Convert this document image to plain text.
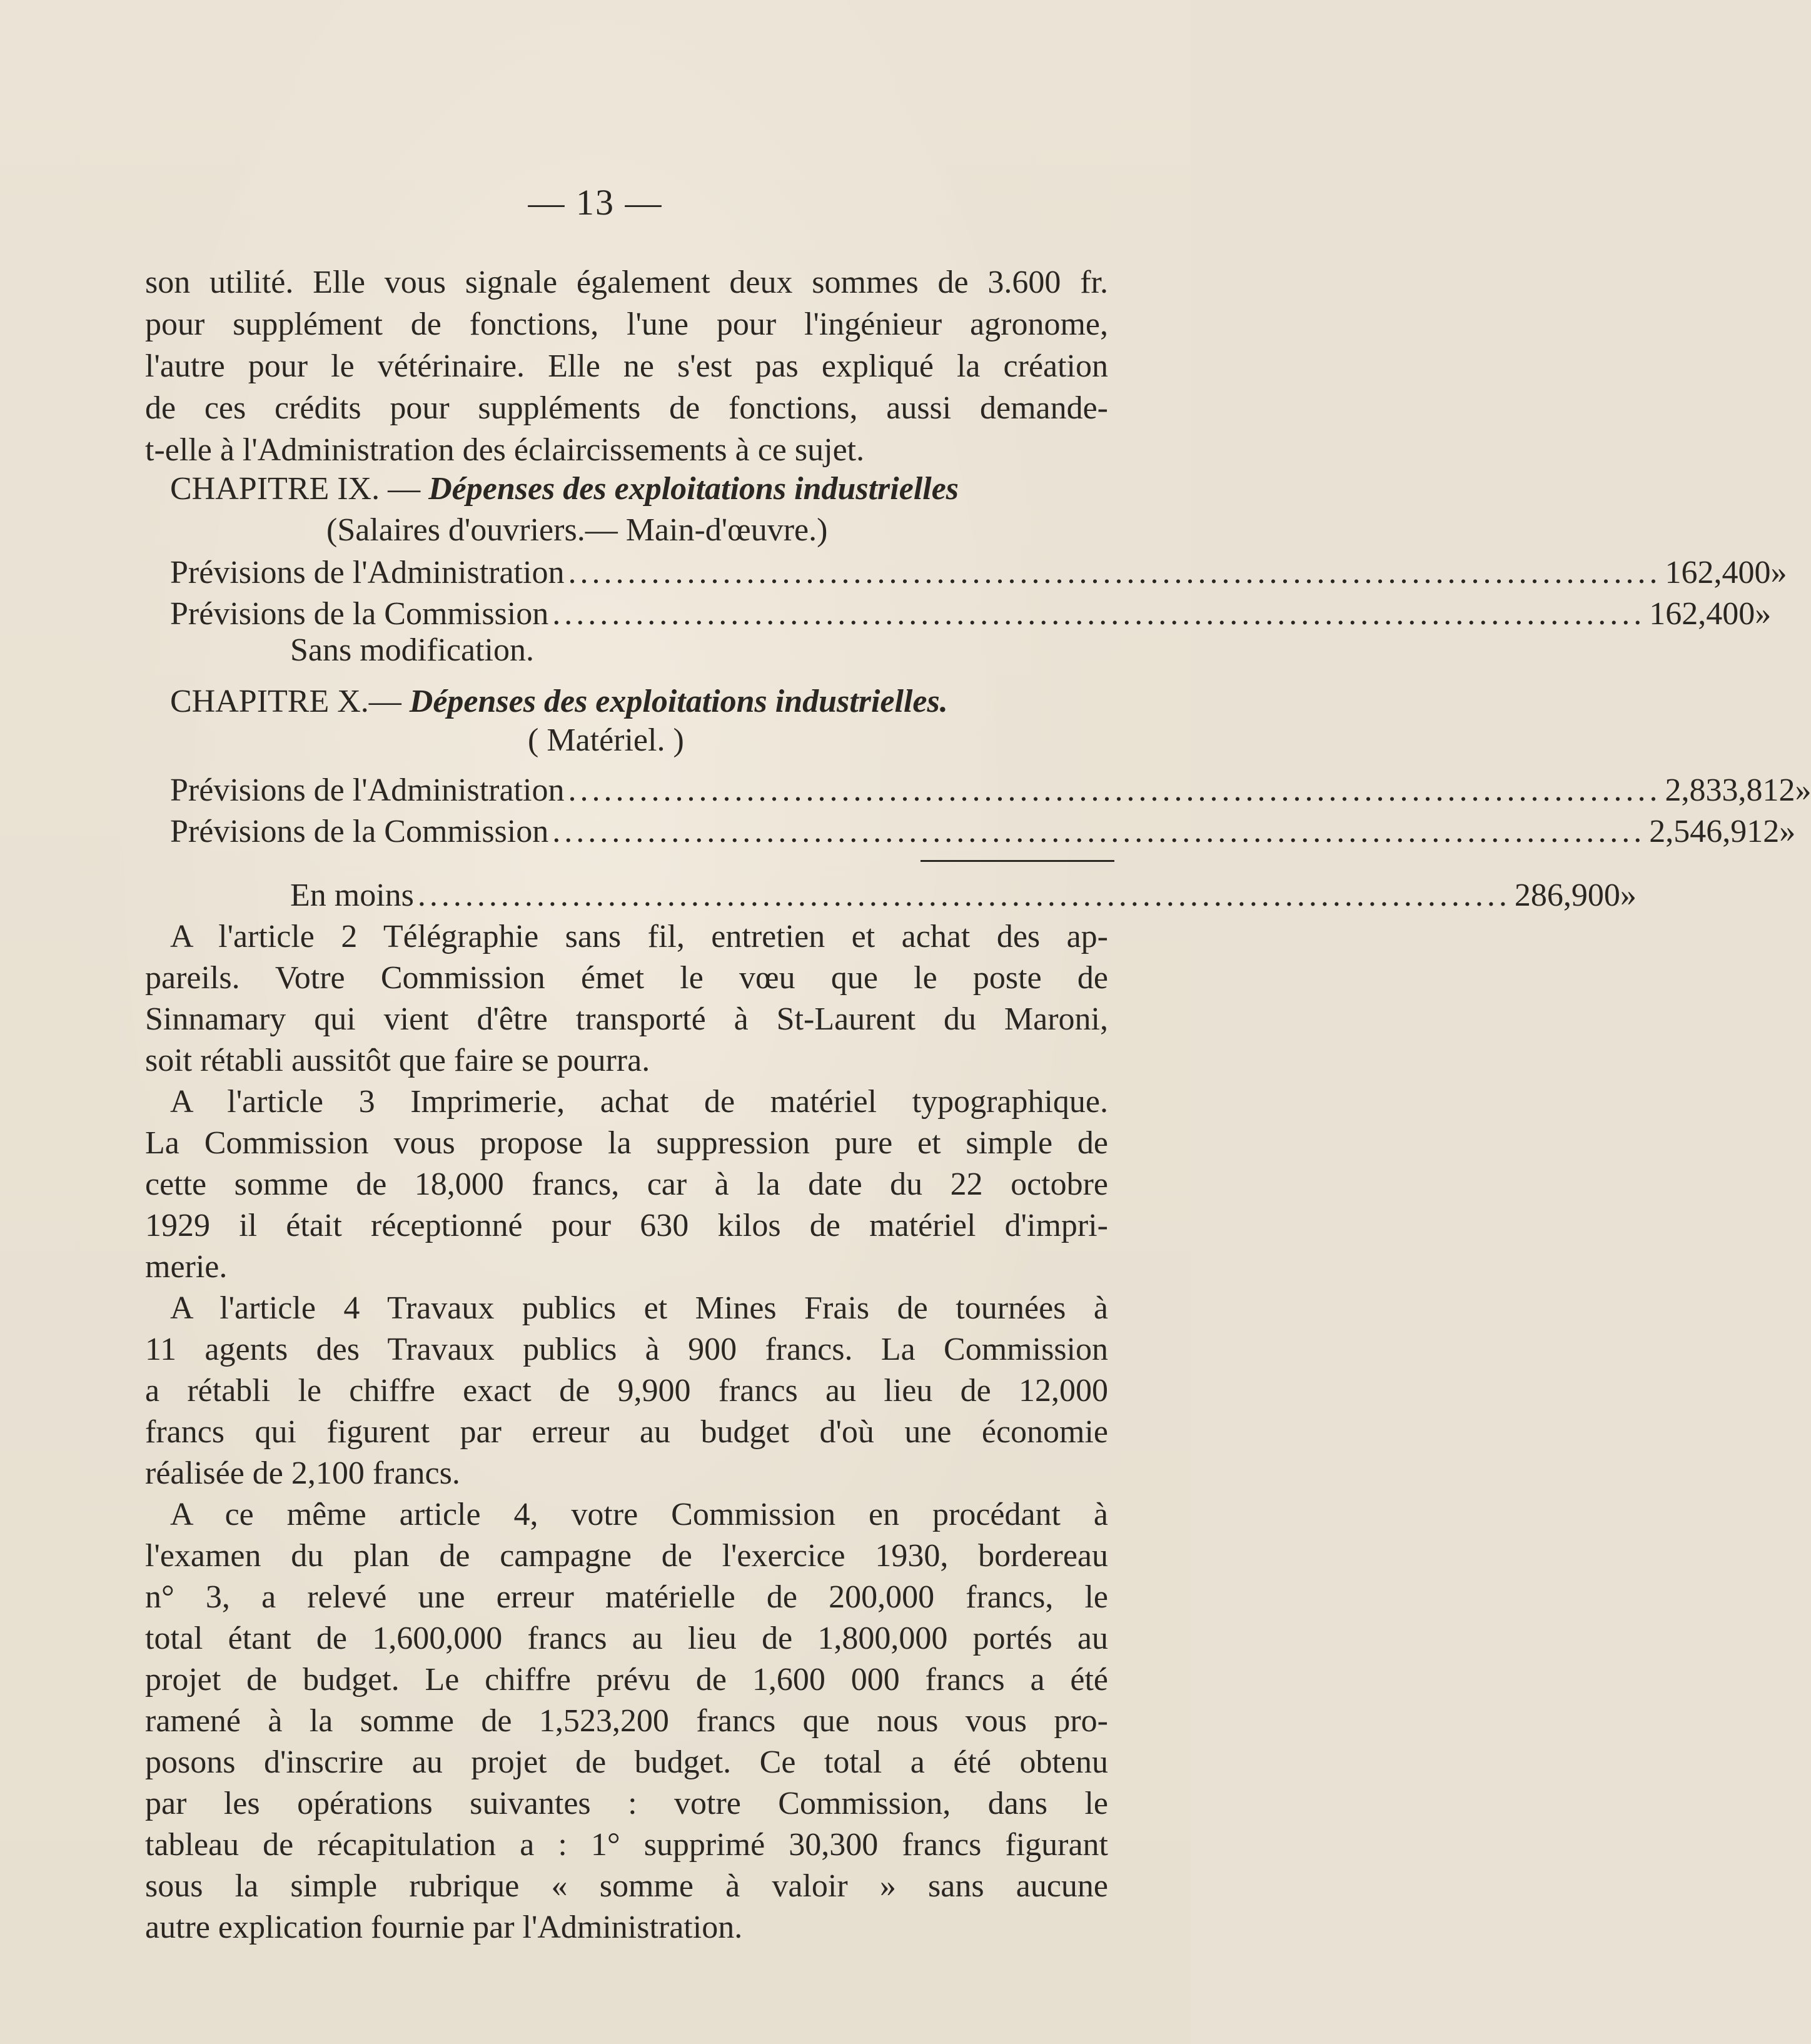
— 13 —
son utilité. Elle vous signale également deux sommes de 3.600 fr.
pour supplément de fonctions, l'une pour l'ingénieur agronome,
l'autre pour le vétérinaire. Elle ne s'est pas expliqué la création
de ces crédits pour suppléments de fonctions, aussi demande-
t-elle à l'Administration des éclaircissements à ce sujet.
CHAPITRE IX. — Dépenses des exploitations industrielles
(Salaires d'ouvriers.— Main-d'œuvre.)
Prévisions de l'Administration ............................................................................................ 162,400 »
Prévisions de la Commission ............................................................................................ 162,400 »
Sans modification.
CHAPITRE X.— Dépenses des exploitations industrielles.
( Matériel. )
Prévisions de l'Administration ............................................................................................ 2,833,812 »
Prévisions de la Commission ............................................................................................ 2,546,912 »
En moins ............................................................................................ 286,900 »
A l'article 2 Télégraphie sans fil, entretien et achat des ap-
pareils. Votre Commission émet le vœu que le poste de
Sinnamary qui vient d'être transporté à St-Laurent du Maroni,
soit rétabli aussitôt que faire se pourra.
A l'article 3 Imprimerie, achat de matériel typographique.
La Commission vous propose la suppression pure et simple de
cette somme de 18,000 francs, car à la date du 22 octobre
1929 il était réceptionné pour 630 kilos de matériel d'impri-
merie.
A l'article 4 Travaux publics et Mines Frais de tournées à
11 agents des Travaux publics à 900 francs. La Commission
a rétabli le chiffre exact de 9,900 francs au lieu de 12,000
francs qui figurent par erreur au budget d'où une économie
réalisée de 2,100 francs.
A ce même article 4, votre Commission en procédant à
l'examen du plan de campagne de l'exercice 1930, bordereau
n° 3, a relevé une erreur matérielle de 200,000 francs, le
total étant de 1,600,000 francs au lieu de 1,800,000 portés au
projet de budget. Le chiffre prévu de 1,600 000 francs a été
ramené à la somme de 1,523,200 francs que nous vous pro-
posons d'inscrire au projet de budget. Ce total a été obtenu
par les opérations suivantes : votre Commission, dans le
tableau de récapitulation a : 1° supprimé 30,300 francs figurant
sous la simple rubrique « somme à valoir » sans aucune
autre explication fournie par l'Administration.
